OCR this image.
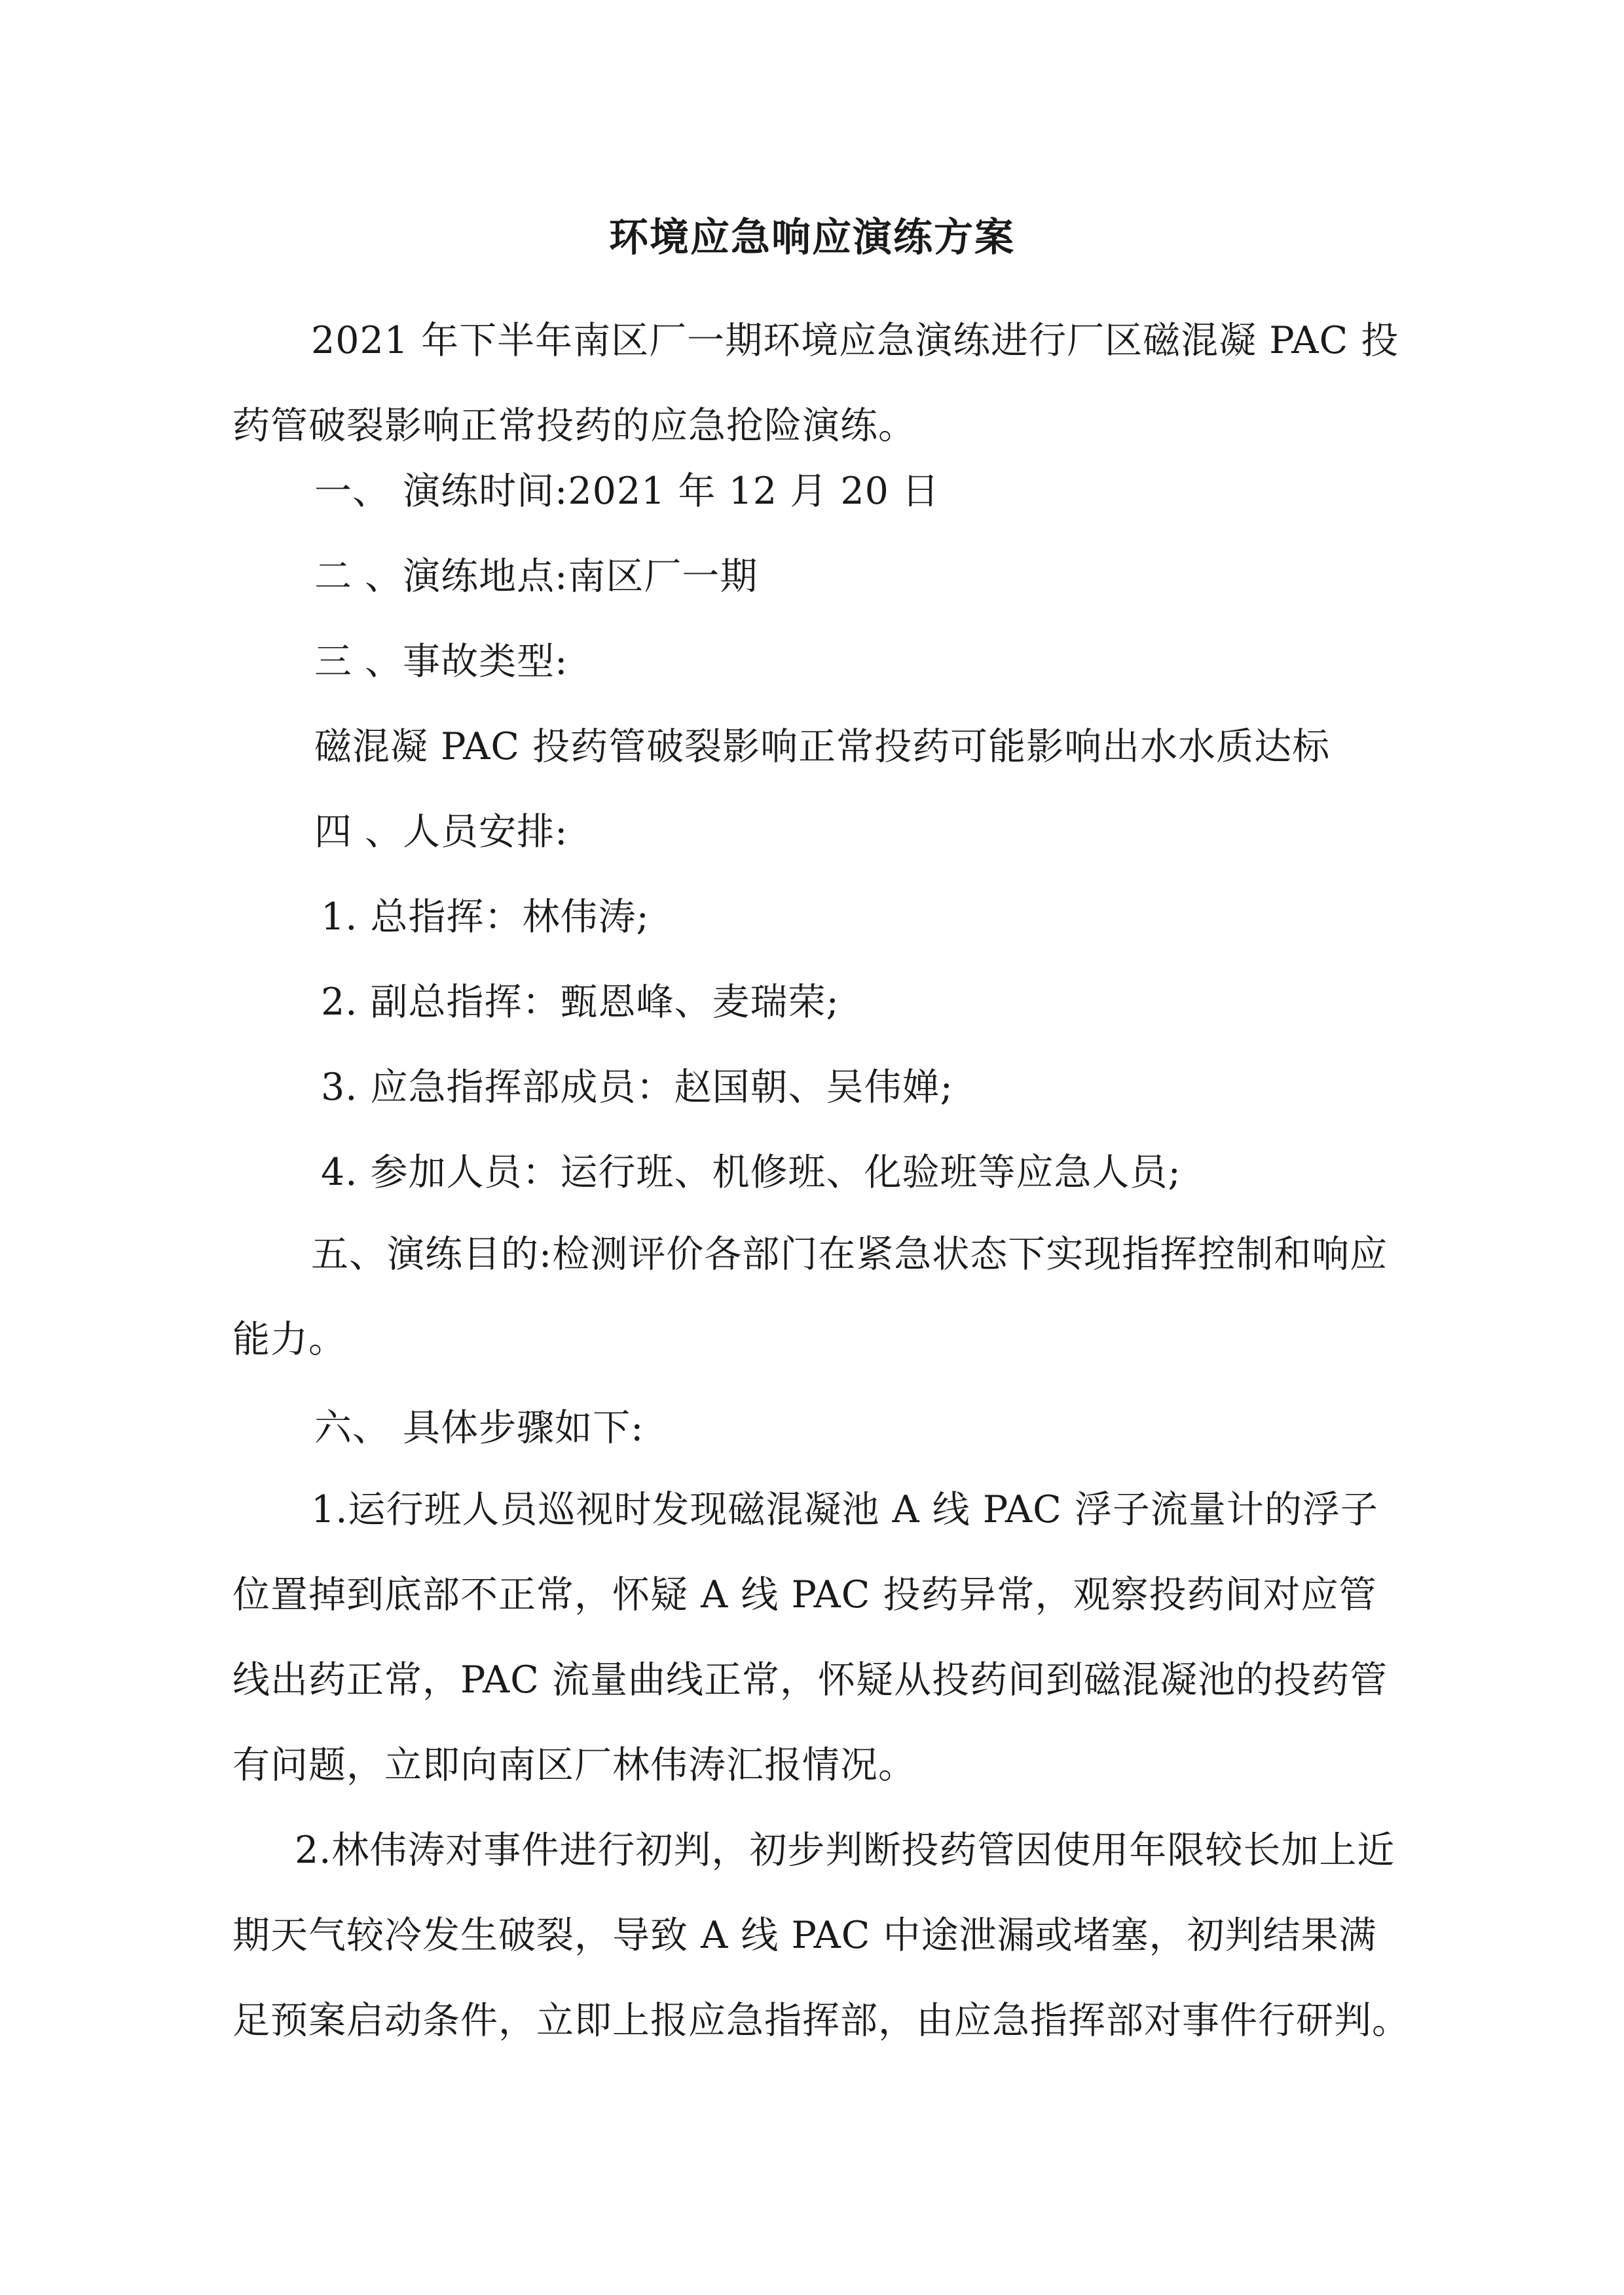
环境应急响应演练方案

2021 年下半年南区厂一期环境应急演练进行厂区磁混凝 PAC 投药管破裂影响正常投药的应急抢险演练。

一、 演练时间:2021 年 12 月 20 日
二 、演练地点:南区厂一期
三 、事故类型:
磁混凝 PAC 投药管破裂影响正常投药可能影响出水水质达标
四 、人员安排:
1. 总指挥：林伟涛;
2. 副总指挥：甄恩峰、麦瑞荣;
3. 应急指挥部成员：赵国朝、吴伟婵;
4. 参加人员：运行班、机修班、化验班等应急人员;

五、演练目的:检测评价各部门在紧急状态下实现指挥控制和响应能力。

六、 具体步骤如下:

1.运行班人员巡视时发现磁混凝池 A 线 PAC 浮子流量计的浮子位置掉到底部不正常，怀疑 A 线 PAC 投药异常，观察投药间对应管线出药正常，PAC 流量曲线正常，怀疑从投药间到磁混凝池的投药管有问题，立即向南区厂林伟涛汇报情况。

2.林伟涛对事件进行初判，初步判断投药管因使用年限较长加上近期天气较冷发生破裂，导致 A 线 PAC 中途泄漏或堵塞，初判结果满足预案启动条件，立即上报应急指挥部，由应急指挥部对事件行研判。
